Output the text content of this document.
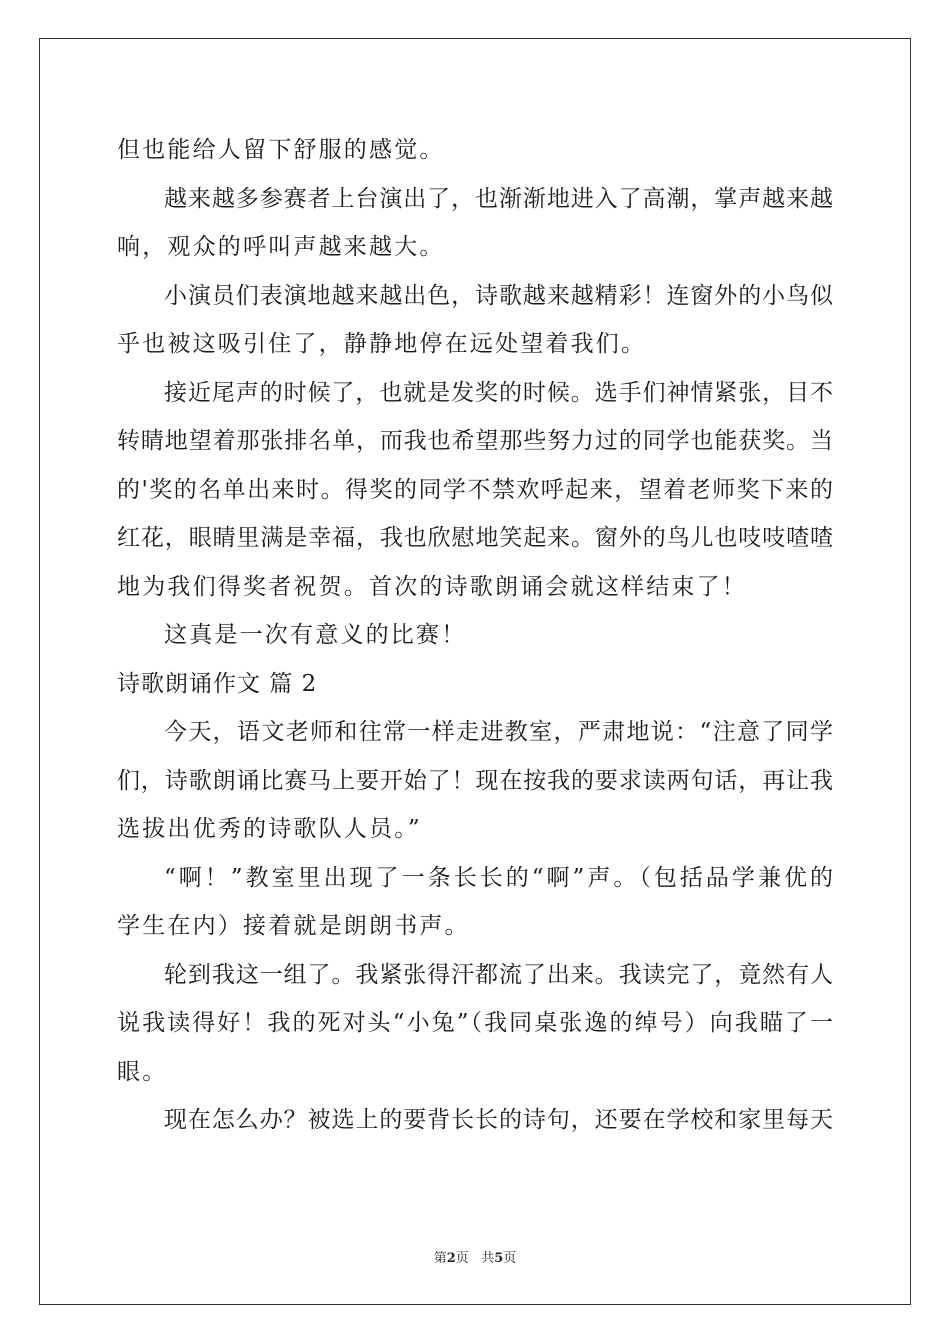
但也能给人留下舒服的感觉。
越来越多参赛者上台演出了，也渐渐地进入了高潮，掌声越来越
响，观众的呼叫声越来越大。
小演员们表演地越来越出色，诗歌越来越精彩！连窗外的小鸟似
乎也被这吸引住了，静静地停在远处望着我们。
接近尾声的时候了，也就是发奖的时候。选手们神情紧张，目不
转睛地望着那张排名单，而我也希望那些努力过的同学也能获奖。当
的'奖的名单出来时。得奖的同学不禁欢呼起来，望着老师奖下来的
红花，眼睛里满是幸福，我也欣慰地笑起来。窗外的鸟儿也吱吱喳喳
地为我们得奖者祝贺。首次的诗歌朗诵会就这样结束了！
这真是一次有意义的比赛！
诗歌朗诵作文 篇 2
今天，语文老师和往常一样走进教室，严肃地说：“注意了同学
们，诗歌朗诵比赛马上要开始了！现在按我的要求读两句话，再让我
选拔出优秀的诗歌队人员。”
“啊！”教室里出现了一条长长的“啊”声。（包括品学兼优的
学生在内）接着就是朗朗书声。
轮到我这一组了。我紧张得汗都流了出来。我读完了，竟然有人
说我读得好！我的死对头“小兔”（我同桌张逸的绰号）向我瞄了一
眼。
现在怎么办？被选上的要背长长的诗句，还要在学校和家里每天
第2页 共5页
